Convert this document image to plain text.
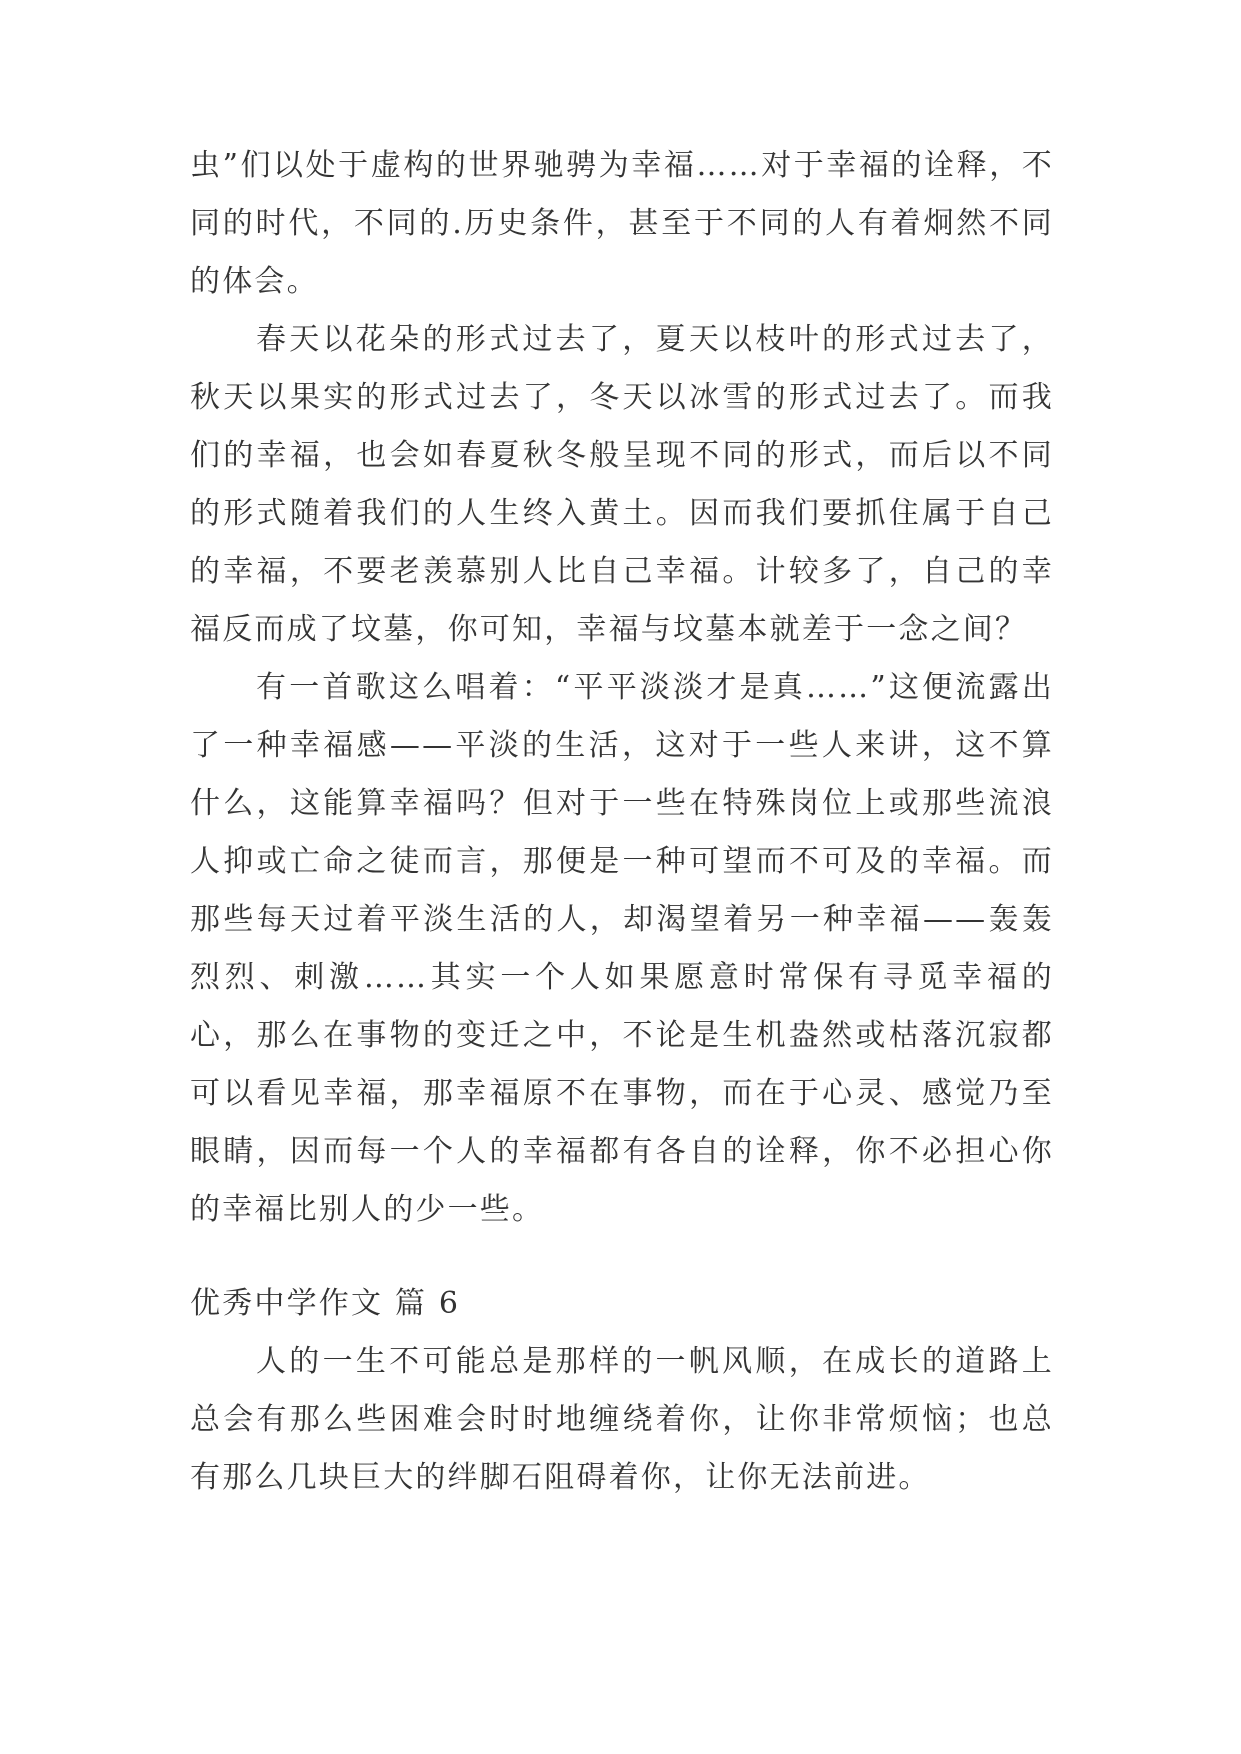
虫”们以处于虚构的世界驰骋为幸福……对于幸福的诠释，不同的时代，不同的.历史条件，甚至于不同的人有着炯然不同的体会。

春天以花朵的形式过去了，夏天以枝叶的形式过去了，秋天以果实的形式过去了，冬天以冰雪的形式过去了。而我们的幸福，也会如春夏秋冬般呈现不同的形式，而后以不同的形式随着我们的人生终入黄土。因而我们要抓住属于自己的幸福，不要老羡慕别人比自己幸福。计较多了，自己的幸福反而成了坟墓，你可知，幸福与坟墓本就差于一念之间？

有一首歌这么唱着：“平平淡淡才是真……”这便流露出了一种幸福感——平淡的生活，这对于一些人来讲，这不算什么，这能算幸福吗？但对于一些在特殊岗位上或那些流浪人抑或亡命之徒而言，那便是一种可望而不可及的幸福。而那些每天过着平淡生活的人，却渴望着另一种幸福——轰轰烈烈、刺激……其实一个人如果愿意时常保有寻觅幸福的心，那么在事物的变迁之中，不论是生机盎然或枯落沉寂都可以看见幸福，那幸福原不在事物，而在于心灵、感觉乃至眼睛，因而每一个人的幸福都有各自的诠释，你不必担心你的幸福比别人的少一些。

优秀中学作文 篇 6

人的一生不可能总是那样的一帆风顺，在成长的道路上总会有那么些困难会时时地缠绕着你，让你非常烦恼；也总有那么几块巨大的绊脚石阻碍着你，让你无法前进。
